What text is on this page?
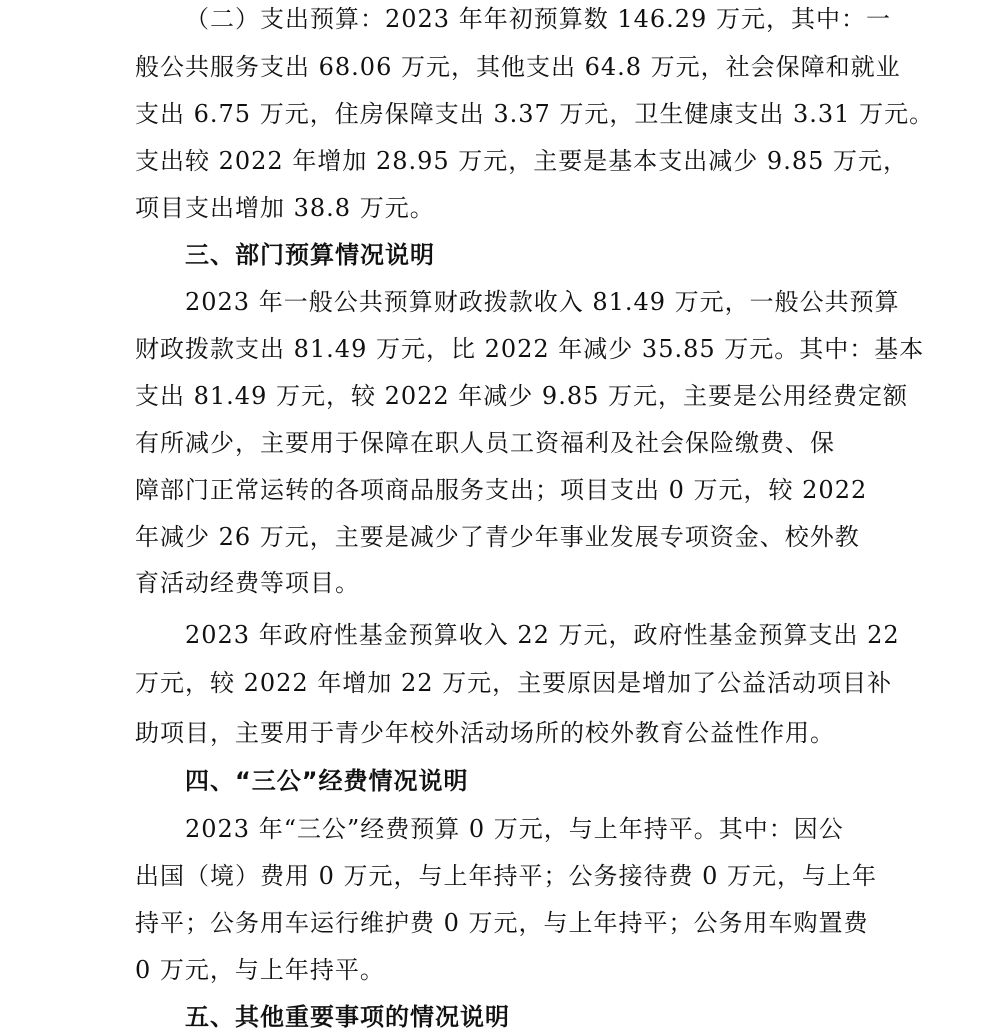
（二）支出预算：2023 年年初预算数 146.29 万元，其中：一
般公共服务支出 68.06 万元，其他支出 64.8 万元，社会保障和就业
支出 6.75 万元，住房保障支出 3.37 万元，卫生健康支出 3.31 万元。
支出较 2022 年增加 28.95 万元，主要是基本支出减少 9.85 万元，
项目支出增加 38.8 万元。
三、部门预算情况说明
2023 年一般公共预算财政拨款收入 81.49 万元，一般公共预算
财政拨款支出 81.49 万元，比 2022 年减少 35.85 万元。其中：基本
支出 81.49 万元，较 2022 年减少 9.85 万元，主要是公用经费定额
有所减少，主要用于保障在职人员工资福利及社会保险缴费、保
障部门正常运转的各项商品服务支出；项目支出 0 万元，较 2022
年减少 26 万元，主要是减少了青少年事业发展专项资金、校外教
育活动经费等项目。
2023 年政府性基金预算收入 22 万元，政府性基金预算支出 22
万元，较 2022 年增加 22 万元，主要原因是增加了公益活动项目补
助项目，主要用于青少年校外活动场所的校外教育公益性作用。
四、“三公”经费情况说明
2023 年“三公”经费预算 0 万元，与上年持平。其中：因公
出国（境）费用 0 万元，与上年持平；公务接待费 0 万元，与上年
持平；公务用车运行维护费 0 万元，与上年持平；公务用车购置费
0 万元，与上年持平。
五、其他重要事项的情况说明
